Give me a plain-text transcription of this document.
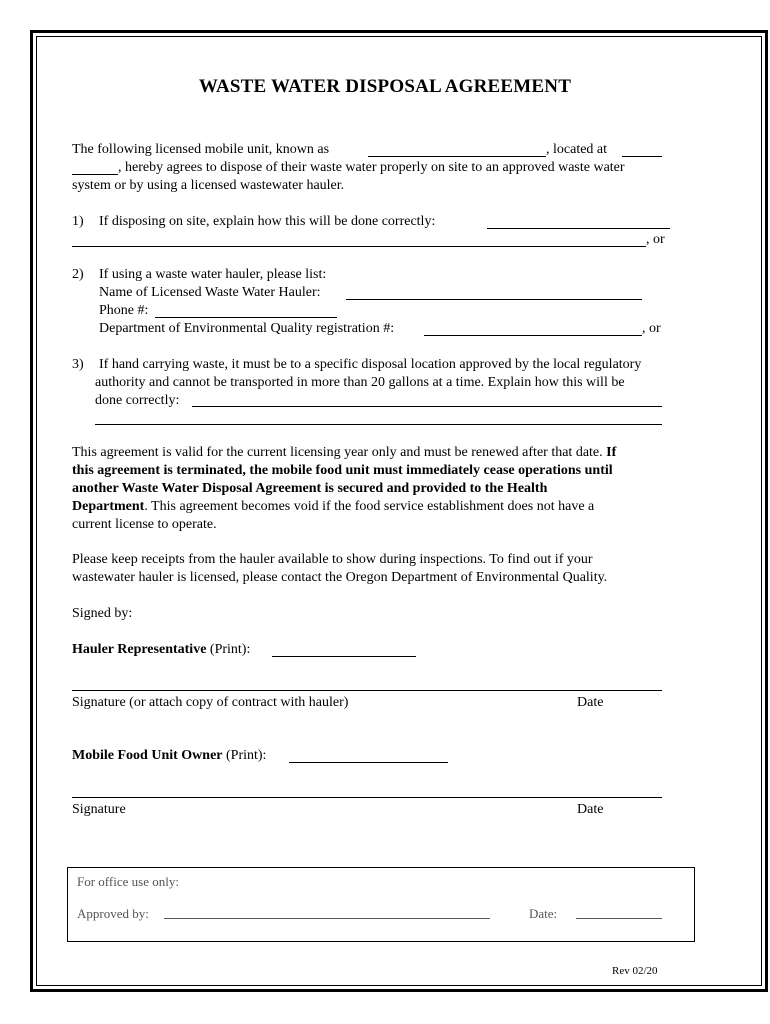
WASTE WATER DISPOSAL AGREEMENT
The following licensed mobile unit, known as	, located at
, hereby agrees to dispose of their waste water properly on site to an approved waste water
system or by using a licensed wastewater hauler.
1) If disposing on site, explain how this will be done correctly:
, or
2) If using a waste water hauler, please list:
Name of Licensed Waste Water Hauler:
Phone #:
Department of Environmental Quality registration #:	, or
3) If hand carrying waste, it must be to a specific disposal location approved by the local regulatory
authority and cannot be transported in more than 20 gallons at a time. Explain how this will be
done correctly:
This agreement is valid for the current licensing year only and must be renewed after that date. If
this agreement is terminated, the mobile food unit must immediately cease operations until
another Waste Water Disposal Agreement is secured and provided to the Health
Department. This agreement becomes void if the food service establishment does not have a
current license to operate.
Please keep receipts from the hauler available to show during inspections. To find out if your
wastewater hauler is licensed, please contact the Oregon Department of Environmental Quality.
Signed by:
Hauler Representative (Print):
Signature (or attach copy of contract with hauler)	Date
Mobile Food Unit Owner (Print):
Signature	Date
For office use only:
Approved by:	Date:
Rev 02/20
